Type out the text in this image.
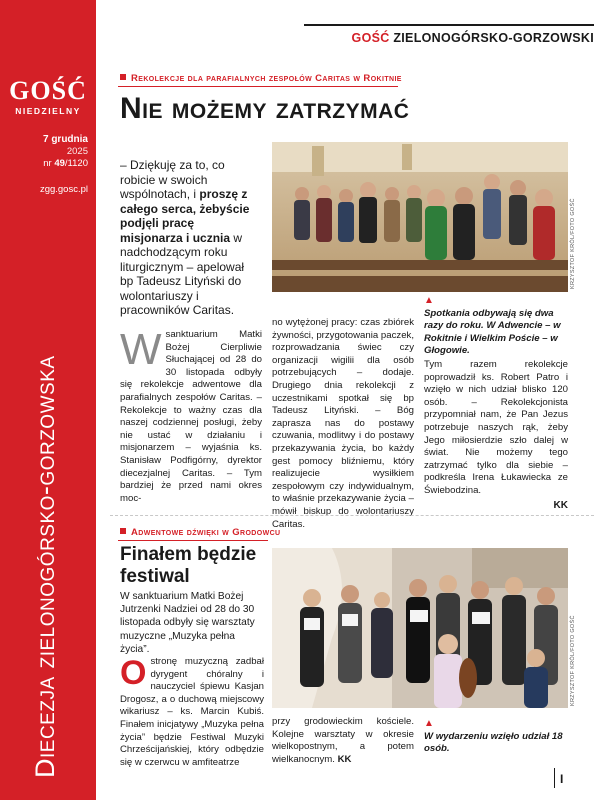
GOŚĆ
NIEDZIELNY
7 grudnia
2025
nr 49/1120
zgg.gosc.pl
Diecezja zielonogórsko-gorzowska
GOŚĆ ZIELONOGÓRSKO-GORZOWSKI
Rekolekcje dla parafialnych zespołów Caritas w Rokitnie
Nie możemy zatrzymać
– Dziękuję za to, co robicie w swoich wspólnotach, i proszę z całego serca, żebyście podjęli pracę misjonarza i ucznia w nadchodzącym roku liturgicznym – apelował bp Tadeusz Lityński do wolontariuszy i pracowników Caritas.
KRZYSZTOF KRÓL/FOTO GOŚĆ
▲
Spotkania odbywają się dwa razy do roku. W Adwencie – w Rokitnie i Wielkim Poście – w Głogowie.
W sanktuarium Matki Bożej Cierpliwie Słuchającej od 28 do 30 listopada odbyły się rekolekcje adwentowe dla parafialnych zespołów Caritas. – Rekolekcje to ważny czas dla naszej codziennej posługi, żeby nie ustać w działaniu i misjonarzem – wyjaśnia ks. Stanisław Podfigórny, dyrektor diecezjalnej Caritas. – Tym bardziej że przed nami okres moc-
no wytężonej pracy: czas zbiórek żywności, przygotowania paczek, rozprowadzania świec czy organizacji wigilii dla osób potrzebujących – dodaje. Drugiego dnia rekolekcji z uczestnikami spotkał się bp Tadeusz Lityński. – Bóg zaprasza nas do postawy czuwania, modlitwy i do postawy przekazywania życia, bo każdy gest pomocy bliźniemu, który realizujecie wysiłkiem zespołowym czy indywidualnym, to właśnie przekazywanie życia – mówił biskup do wolontariuszy Caritas.
Tym razem rekolekcje poprowadził ks. Robert Patro i wzięło w nich udział blisko 120 osób. – Rekolekcjonista przypomniał nam, że Pan Jezus potrzebuje naszych rąk, żeby Jego miłosierdzie szło dalej w świat. Nie możemy tego zatrzymać tylko dla siebie – podkreśla Irena Łukawiecka ze Świebodzina.
KK
Adwentowe dźwięki w Grodowcu
Finałem będzie festiwal
W sanktuarium Matki Bożej Jutrzenki Nadziei od 28 do 30 listopada odbyły się warsztaty muzyczne „Muzyka pełna życia”.	KRZYSZTOF KRÓL/FOTO GOŚĆ
▲
W wydarzeniu wzięło udział 18 osób.
O stronę muzyczną zadbał dyrygent chóralny i nauczyciel śpiewu Kasjan Drogosz, a o duchową miejscowy wikariusz – ks. Marcin Kubiś. Finałem inicjatywy „Muzyka pełna życia” będzie Festiwal Muzyki Chrześcijańskiej, który odbędzie się w czerwcu w amfiteatrze
przy grodowieckim kościele. Kolejne warsztaty w okresie wielkopostnym, a potem wielkanocnym. KK
I
